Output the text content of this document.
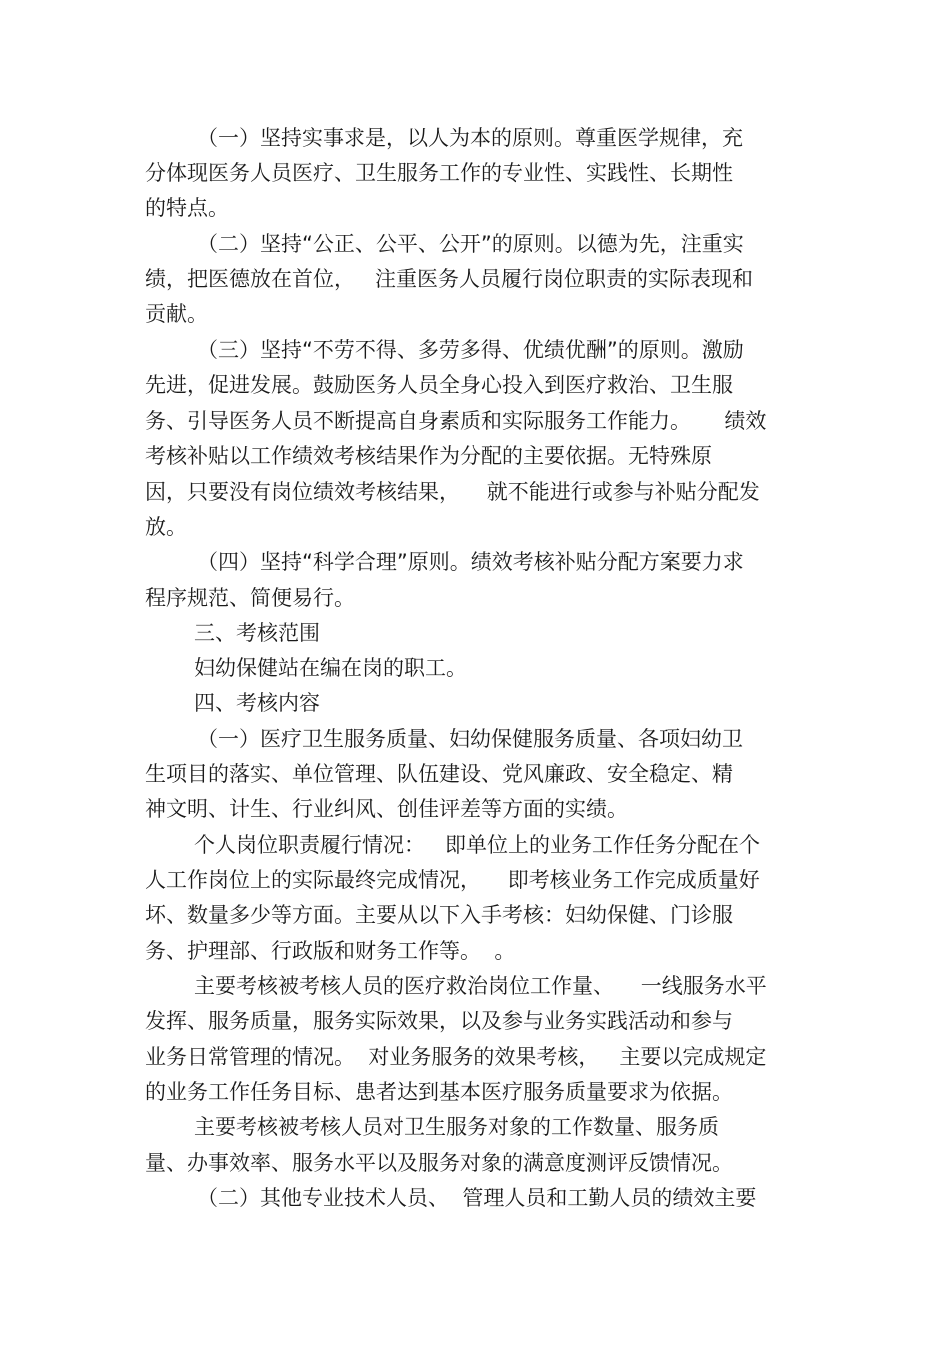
（一）坚持实事求是，以人为本的原则。尊重医学规律，充
分体现医务人员医疗、卫生服务工作的专业性、实践性、长期性
的特点。
（二）坚持“公正、公平、公开”的原则。以德为先，注重实
绩，把医德放在首位，   注重医务人员履行岗位职责的实际表现和
贡献。
（三）坚持“不劳不得、多劳多得、优绩优酬”的原则。激励
先进，促进发展。鼓励医务人员全身心投入到医疗救治、卫生服
务、引导医务人员不断提高自身素质和实际服务工作能力。     绩效
考核补贴以工作绩效考核结果作为分配的主要依据。无特殊原
因，只要没有岗位绩效考核结果，    就不能进行或参与补贴分配发
放。
（四）坚持“科学合理”原则。绩效考核补贴分配方案要力求
程序规范、简便易行。
三、考核范围
妇幼保健站在编在岗的职工。
四、考核内容
（一）医疗卫生服务质量、妇幼保健服务质量、各项妇幼卫
生项目的落实、单位管理、队伍建设、党风廉政、安全稳定、精
神文明、计生、行业纠风、创佳评差等方面的实绩。
个人岗位职责履行情况：   即单位上的业务工作任务分配在个
人工作岗位上的实际最终完成情况，    即考核业务工作完成质量好
坏、数量多少等方面。主要从以下入手考核：妇幼保健、门诊服
务、护理部、行政版和财务工作等。  。
主要考核被考核人员的医疗救治岗位工作量、    一线服务水平
发挥、服务质量，服务实际效果，以及参与业务实践活动和参与
业务日常管理的情况。  对业务服务的效果考核，   主要以完成规定
的业务工作任务目标、患者达到基本医疗服务质量要求为依据。
主要考核被考核人员对卫生服务对象的工作数量、服务质
量、办事效率、服务水平以及服务对象的满意度测评反馈情况。
（二）其他专业技术人员、  管理人员和工勤人员的绩效主要
